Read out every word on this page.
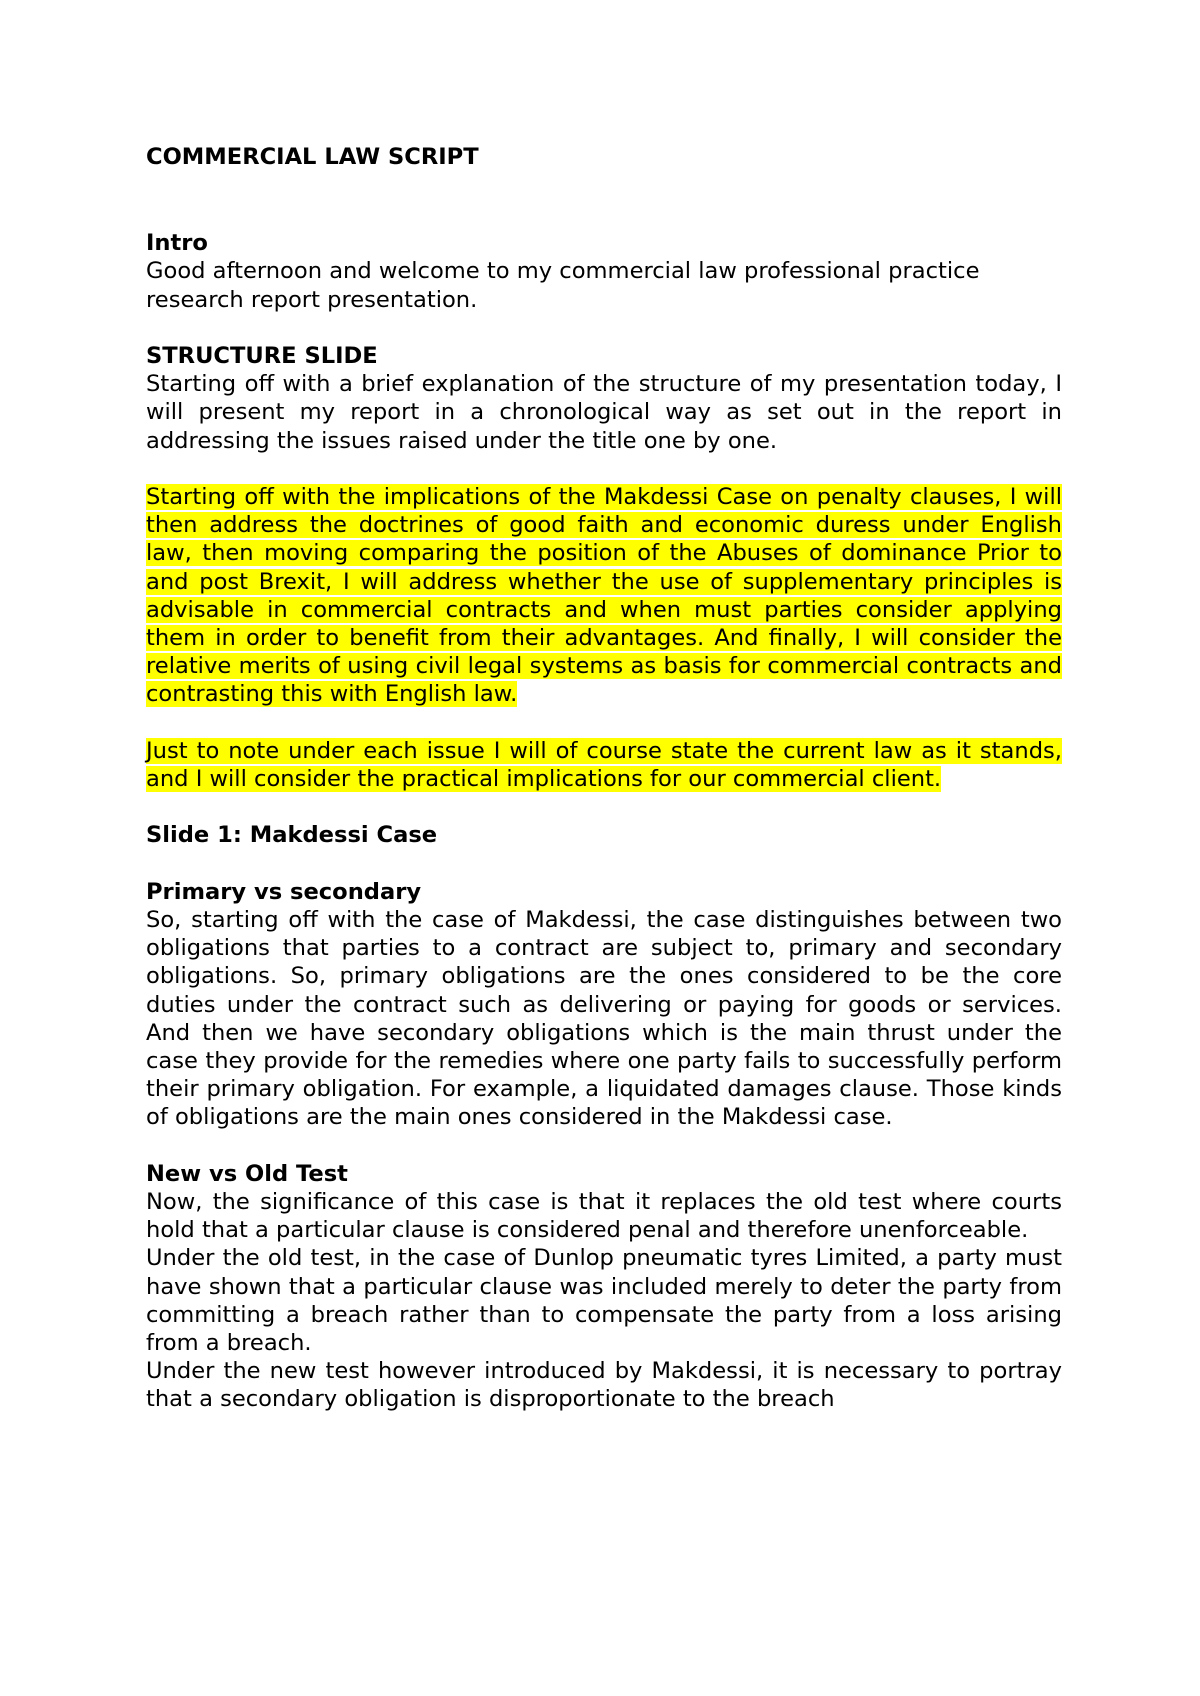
COMMERCIAL LAW SCRIPT

Intro

Good afternoon and welcome to my commercial law professional practice research report presentation.

STRUCTURE SLIDE

Starting off with a brief explanation of the structure of my presentation today, I will present my report in a chronological way as set out in the report in addressing the issues raised under the title one by one.

Starting off with the implications of the Makdessi Case on penalty clauses, I will then address the doctrines of good faith and economic duress under English law, then moving comparing the position of the Abuses of dominance Prior to and post Brexit, I will address whether the use of supplementary principles is advisable in commercial contracts and when must parties consider applying them in order to benefit from their advantages. And finally, I will consider the relative merits of using civil legal systems as basis for commercial contracts and contrasting this with English law.

Just to note under each issue I will of course state the current law as it stands, and I will consider the practical implications for our commercial client.

Slide 1: Makdessi Case

Primary vs secondary

So, starting off with the case of Makdessi, the case distinguishes between two obligations that parties to a contract are subject to, primary and secondary obligations. So, primary obligations are the ones considered to be the core duties under the contract such as delivering or paying for goods or services. And then we have secondary obligations which is the main thrust under the case they provide for the remedies where one party fails to successfully perform their primary obligation. For example, a liquidated damages clause. Those kinds of obligations are the main ones considered in the Makdessi case.

New vs Old Test

Now, the significance of this case is that it replaces the old test where courts hold that a particular clause is considered penal and therefore unenforceable.

Under the old test, in the case of Dunlop pneumatic tyres Limited, a party must have shown that a particular clause was included merely to deter the party from committing a breach rather than to compensate the party from a loss arising from a breach.

Under the new test however introduced by Makdessi, it is necessary to portray that a secondary obligation is disproportionate to the breach
